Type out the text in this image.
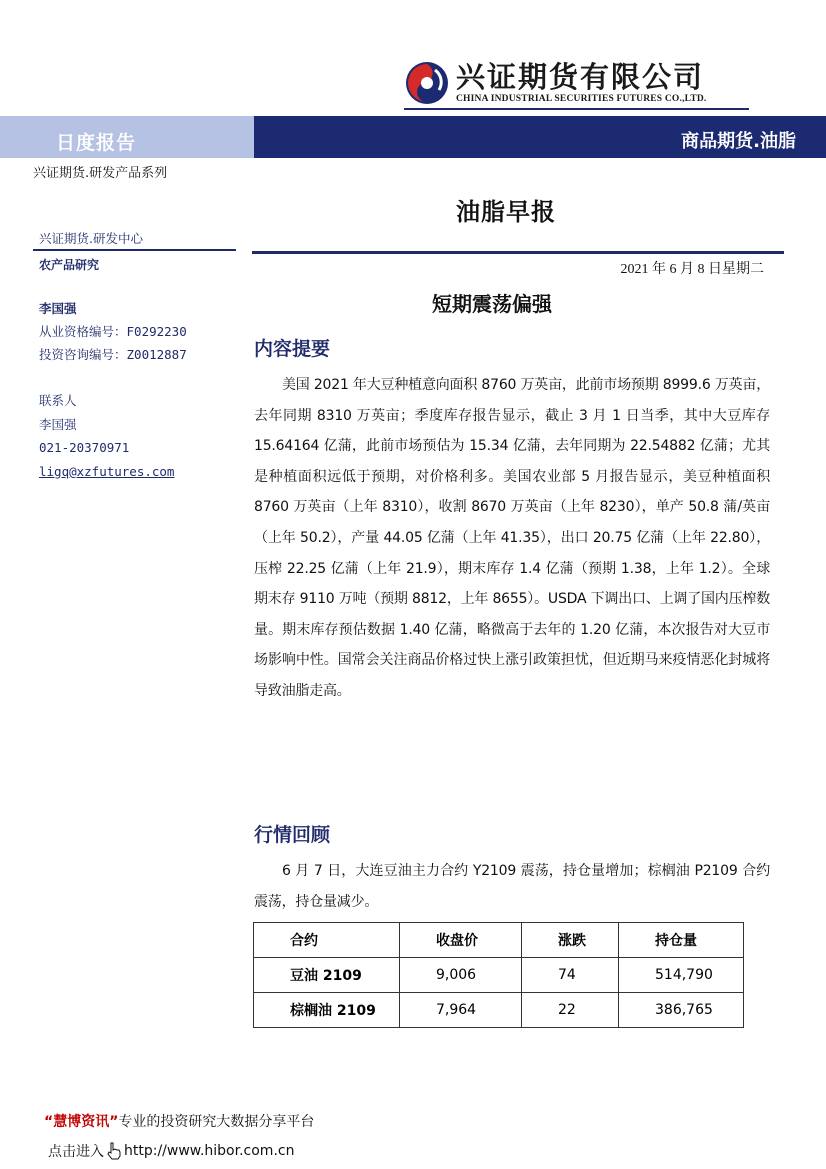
兴证期货有限公司
CHINA INDUSTRIAL SECURITIES FUTURES CO.,LTD.
日度报告	商品期货.油脂
兴证期货.研发产品系列
油脂早报
兴证期货.研发中心
农产品研究
李国强
从业资格编号：F0292230
投资咨询编号：Z0012887
联系人
李国强
021-20370971
ligq@xzfutures.com
2021 年 6 月 8 日星期二
短期震荡偏强
内容提要
美国 2021 年大豆种植意向面积 8760 万英亩，此前市场预期 8999.6 万英亩，去年同期 8310 万英亩；季度库存报告显示，截止 3 月 1 日当季，其中大豆库存 15.64164 亿蒲，此前市场预估为 15.34 亿蒲，去年同期为 22.54882 亿蒲；尤其是种植面积远低于预期，对价格利多。美国农业部 5 月报告显示，美豆种植面积 8760 万英亩（上年 8310），收割 8670 万英亩（上年 8230），单产 50.8 蒲/英亩（上年 50.2），产量 44.05 亿蒲（上年 41.35），出口 20.75 亿蒲（上年 22.80），压榨 22.25 亿蒲（上年 21.9），期末库存 1.4 亿蒲（预期 1.38，上年 1.2）。全球期末存 9110 万吨（预期 8812，上年 8655）。USDA 下调出口、上调了国内压榨数量。期末库存预估数据 1.40 亿蒲，略微高于去年的 1.20 亿蒲，本次报告对大豆市场影响中性。国常会关注商品价格过快上涨引政策担忧，但近期马来疫情恶化封城将导致油脂走高。
行情回顾
6 月 7 日，大连豆油主力合约 Y2109 震荡，持仓量增加；棕榈油 P2109 合约震荡，持仓量减少。
合约	收盘价	涨跌	持仓量
豆油 2109	9,006	74	514,790
棕榈油 2109	7,964	22	386,765
“慧博资讯”专业的投资研究大数据分享平台
点击进入 http://www.hibor.com.cn
